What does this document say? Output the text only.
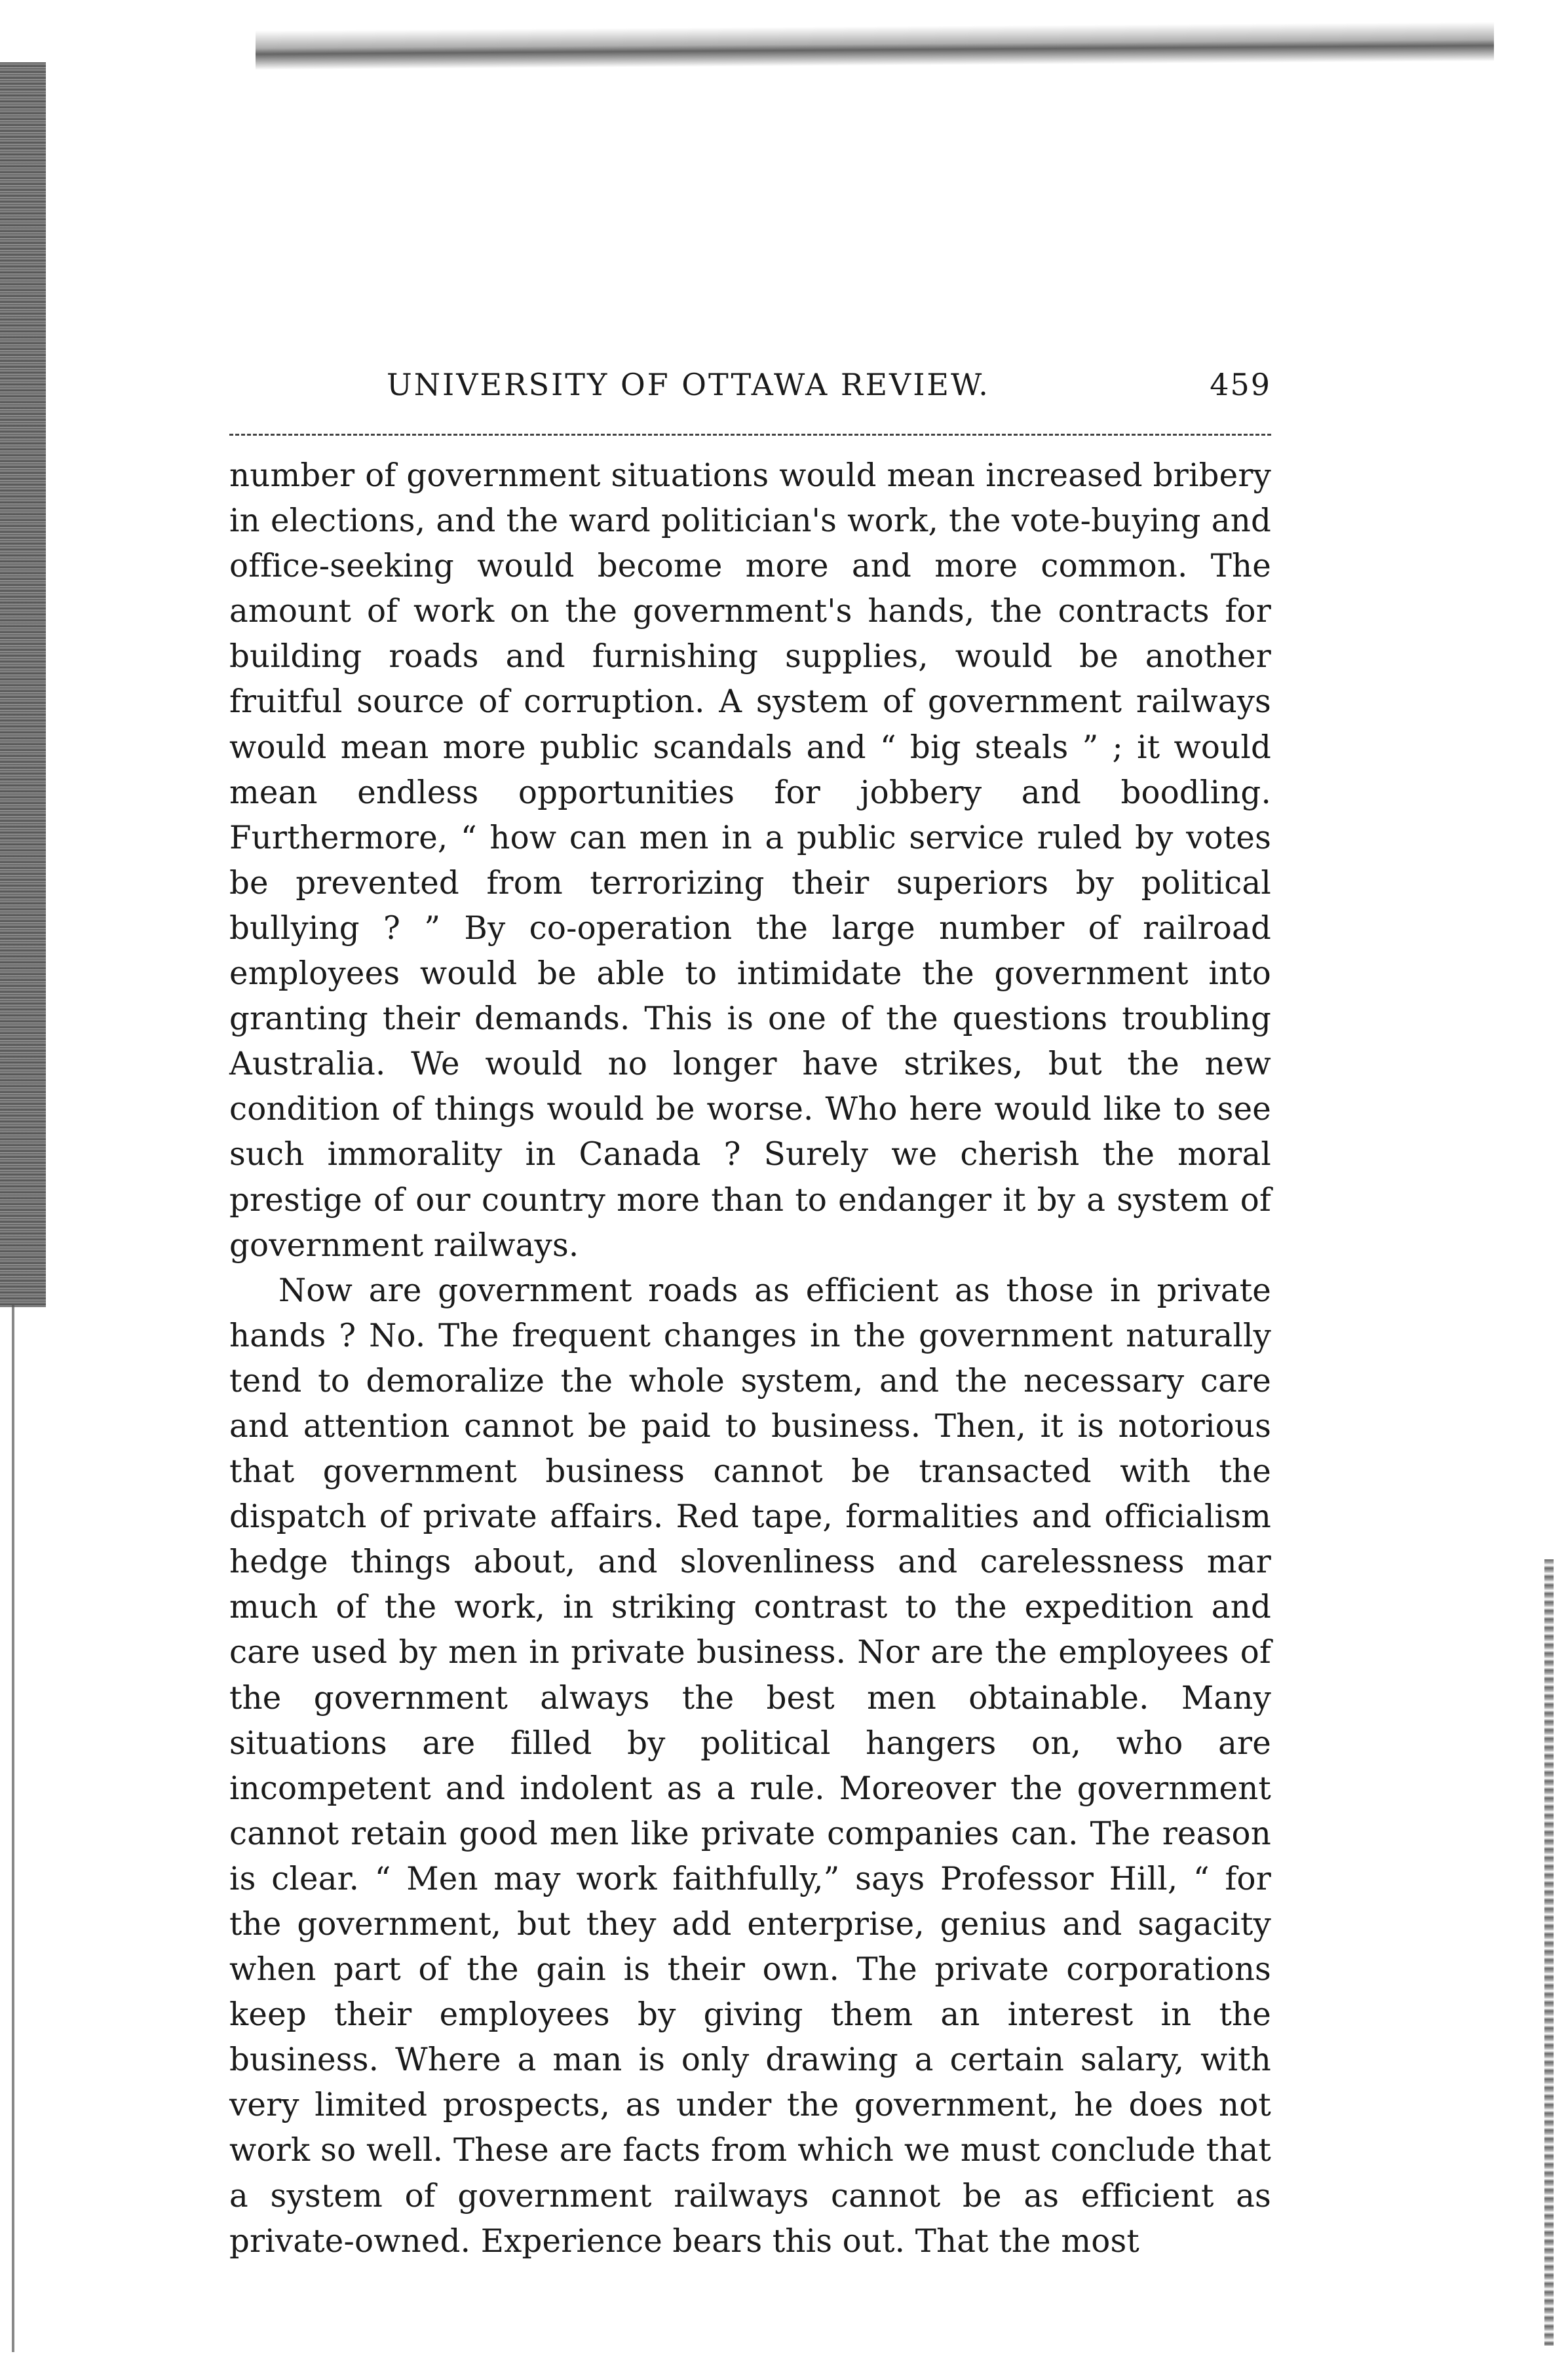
UNIVERSITY OF OTTAWA REVIEW.	459

number of government situations would mean increased bribery in elections, and the ward politician's work, the vote-buying and office-seeking would become more and more common. The amount of work on the government's hands, the contracts for building roads and furnishing supplies, would be another fruitful source of corruption. A system of government railways would mean more public scandals and “ big steals ” ; it would mean endless opportunities for jobbery and boodling. Furthermore, “ how can men in a public service ruled by votes be prevented from terrorizing their superiors by political bullying ? ” By co-operation the large number of railroad employees would be able to intimidate the government into granting their demands. This is one of the questions troubling Australia. We would no longer have strikes, but the new condition of things would be worse. Who here would like to see such immorality in Canada ? Surely we cherish the moral prestige of our country more than to endanger it by a system of government railways.

Now are government roads as efficient as those in private hands ? No. The frequent changes in the government naturally tend to demoralize the whole system, and the necessary care and attention cannot be paid to business. Then, it is notorious that government business cannot be transacted with the dispatch of private affairs. Red tape, formalities and officialism hedge things about, and slovenliness and carelessness mar much of the work, in striking contrast to the expedition and care used by men in private business. Nor are the employees of the government always the best men obtainable. Many situations are filled by political hangers on, who are incompetent and indolent as a rule. Moreover the government cannot retain good men like private companies can. The reason is clear. “ Men may work faithfully,” says Professor Hill, “ for the government, but they add enterprise, genius and sagacity when part of the gain is their own. The private corporations keep their employees by giving them an interest in the business. Where a man is only drawing a certain salary, with very limited prospects, as under the government, he does not work so well. These are facts from which we must conclude that a system of government railways cannot be as efficient as private-owned. Experience bears this out. That the most
